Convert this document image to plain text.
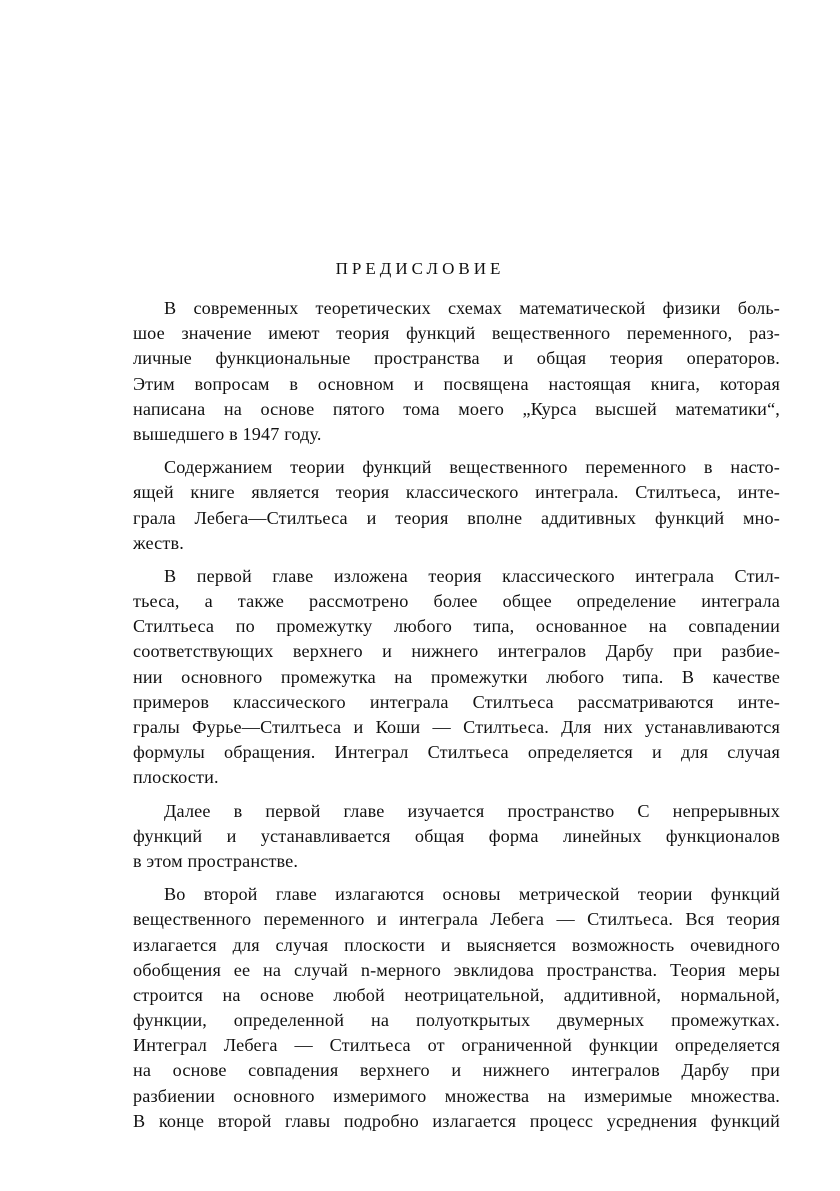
ПРЕДИСЛОВИЕ
В современных теоретических схемах математической физики боль-
шое значение имеют теория функций вещественного переменного, раз-
личные функциональные пространства и общая теория операторов.
Этим вопросам в основном и посвящена настоящая книга, которая
написана на основе пятого тома моего „Курса высшей математики“,
вышедшего в 1947 году.
Содержанием теории функций вещественного переменного в насто-
ящей книге является теория классического интеграла. Стилтьеса, инте-
грала Лебега—Стилтьеса и теория вполне аддитивных функций мно-
жеств.
В первой главе изложена теория классического интеграла Стил-
тьеса, а также рассмотрено более общее определение интеграла
Стилтьеса по промежутку любого типа, основанное на совпадении
соответствующих верхнего и нижнего интегралов Дарбу при разбие-
нии основного промежутка на промежутки любого типа. В качестве
примеров классического интеграла Стилтьеса рассматриваются инте-
гралы Фурье—Стилтьеса и Коши — Стилтьеса. Для них устанавливаются
формулы обращения. Интеграл Стилтьеса определяется и для случая
плоскости.
Далее в первой главе изучается пространство С непрерывных
функций и устанавливается общая форма линейных функционалов
в этом пространстве.
Во второй главе излагаются основы метрической теории функций
вещественного переменного и интеграла Лебега — Стилтьеса. Вся теория
излагается для случая плоскости и выясняется возможность очевидного
обобщения ее на случай n-мерного эвклидова пространства. Теория меры
строится на основе любой неотрицательной, аддитивной, нормальной,
функции, определенной на полуоткрытых двумерных промежутках.
Интеграл Лебега — Стилтьеса от ограниченной функции определяется
на основе совпадения верхнего и нижнего интегралов Дарбу при
разбиении основного измеримого множества на измеримые множества.
В конце второй главы подробно излагается процесс усреднения функций
